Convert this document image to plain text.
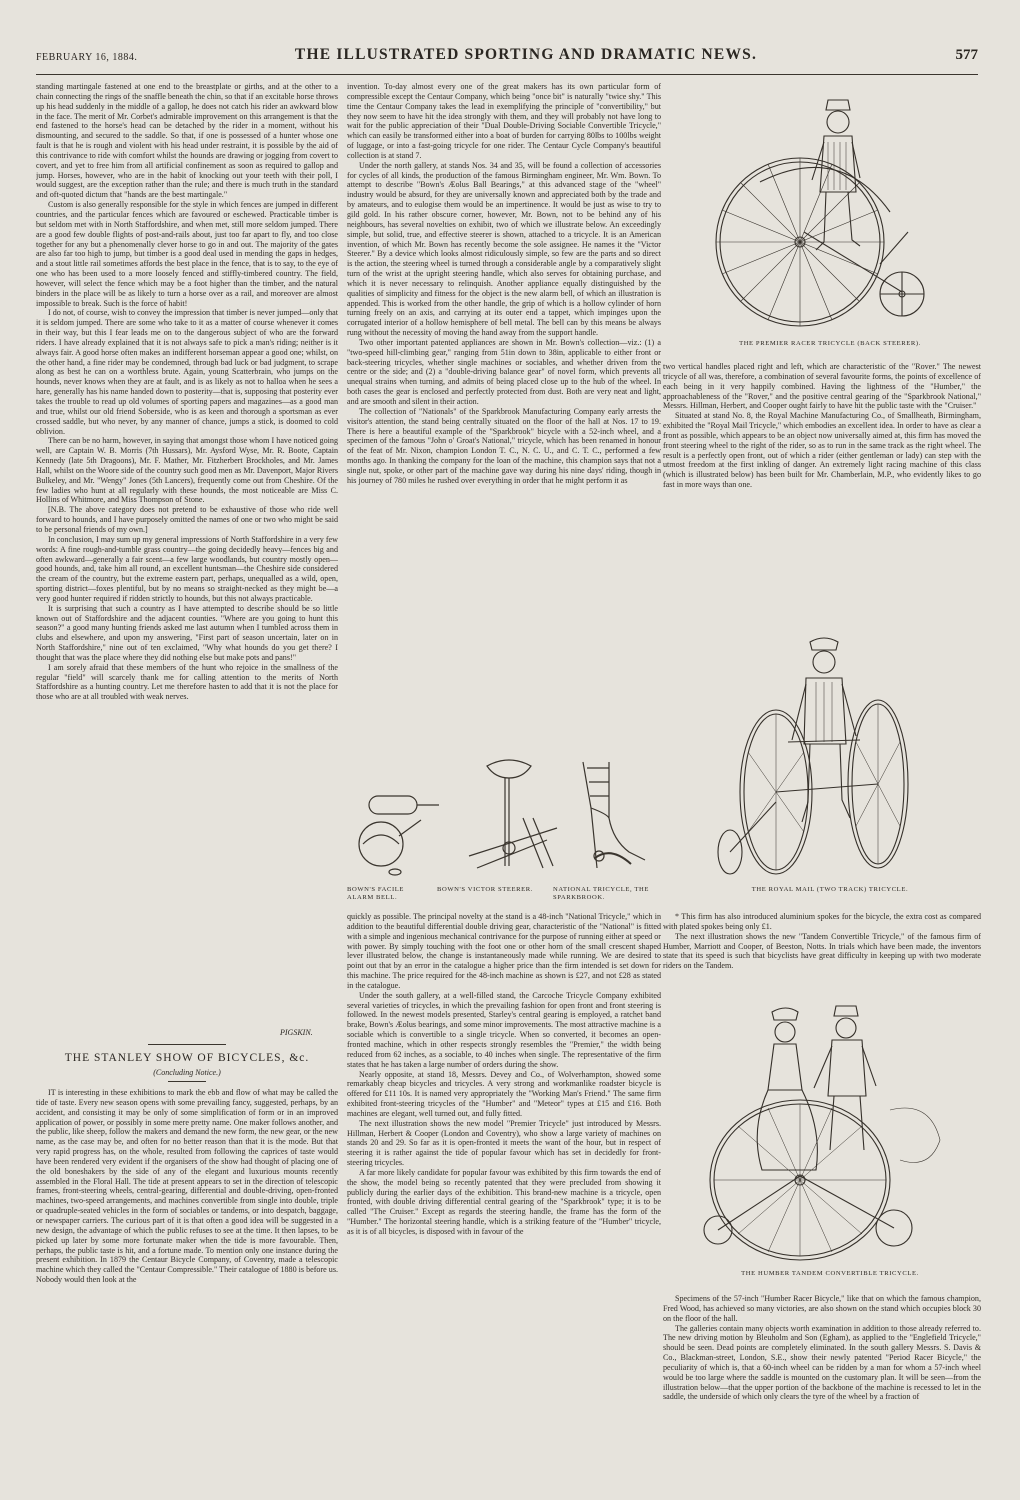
FEBRUARY 16, 1884.	THE ILLUSTRATED SPORTING AND DRAMATIC NEWS.	577

standing martingale fastened at one end to the breastplate or girths, and at the other to a chain connecting the rings of the snaffle beneath the chin, so that if an excitable horse throws up his head suddenly in the middle of a gallop, he does not catch his rider an awkward blow in the face. The merit of Mr. Corbet's admirable improvement on this arrangement is that the end fastened to the horse's head can be detached by the rider in a moment, without his dismounting, and secured to the saddle. So that, if one is possessed of a hunter whose one fault is that he is rough and violent with his head under restraint, it is possible by the aid of this contrivance to ride with comfort whilst the hounds are drawing or jogging from covert to covert, and yet to free him from all artificial confinement as soon as required to gallop and jump. Horses, however, who are in the habit of knocking out your teeth with their poll, I would suggest, are the exception rather than the rule; and there is much truth in the standard and oft-quoted dictum that "hands are the best martingale."

Custom is also generally responsible for the style in which fences are jumped in different countries, and the particular fences which are favoured or eschewed. Practicable timber is but seldom met with in North Staffordshire, and when met, still more seldom jumped. There are a good few double flights of post-and-rails about, just too far apart to fly, and too close together for any but a phenomenally clever horse to go in and out. The majority of the gates are also far too high to jump, but timber is a good deal used in mending the gaps in hedges, and a stout little rail sometimes affords the best place in the fence, that is to say, to the eye of one who has been used to a more loosely fenced and stiffly-timbered country. The field, however, will select the fence which may be a foot higher than the timber, and the natural binders in the place will be as likely to turn a horse over as a rail, and moreover are almost impossible to break. Such is the force of habit!

I do not, of course, wish to convey the impression that timber is never jumped—only that it is seldom jumped. There are some who take to it as a matter of course whenever it comes in their way, but this I fear leads me on to the dangerous subject of who are the forward riders. I have already explained that it is not always safe to pick a man's riding; neither is it always fair. A good horse often makes an indifferent horseman appear a good one; whilst, on the other hand, a fine rider may be condemned, through bad luck or bad judgment, to scrape along as best he can on a worthless brute. Again, young Scatterbrain, who jumps on the hounds, never knows when they are at fault, and is as likely as not to halloa when he sees a hare, generally has his name handed down to posterity—that is, supposing that posterity ever takes the trouble to read up old volumes of sporting papers and magazines—as a good man and true, whilst our old friend Soberside, who is as keen and thorough a sportsman as ever crossed saddle, but who never, by any manner of chance, jumps a stick, is doomed to cold oblivion.

There can be no harm, however, in saying that amongst those whom I have noticed going well, are Captain W. B. Morris (7th Hussars), Mr. Aysford Wyse, Mr. R. Boote, Captain Kennedy (late 5th Dragoons), Mr. F. Mather, Mr. Fitzherbert Brockholes, and Mr. James Hall, whilst on the Woore side of the country such good men as Mr. Davenport, Major Rivers Bulkeley, and Mr. "Wengy" Jones (5th Lancers), frequently come out from Cheshire. Of the few ladies who hunt at all regularly with these hounds, the most noticeable are Miss C. Hollins of Whitmore, and Miss Thompson of Stone.

[N.B. The above category does not pretend to be exhaustive of those who ride well forward to hounds, and I have purposely omitted the names of one or two who might be said to be personal friends of my own.]

In conclusion, I may sum up my general impressions of North Staffordshire in a very few words: A fine rough-and-tumble grass country—the going decidedly heavy—fences big and often awkward—generally a fair scent—a few large woodlands, but country mostly open—good hounds, and, take him all round, an excellent huntsman—the Cheshire side considered the cream of the country, but the extreme eastern part, perhaps, unequalled as a wild, open, sporting district—foxes plentiful, but by no means so straight-necked as they might be—a very good hunter required if ridden strictly to hounds, but this not always practicable.

It is surprising that such a country as I have attempted to describe should be so little known out of Staffordshire and the adjacent counties. "Where are you going to hunt this season?" a good many hunting friends asked me last autumn when I tumbled across them in clubs and elsewhere, and upon my answering, "First part of season uncertain, later on in North Staffordshire," nine out of ten exclaimed, "Why what hounds do you get there? I thought that was the place where they did nothing else but make pots and pans!"

I am sorely afraid that these members of the hunt who rejoice in the smallness of the regular "field" will scarcely thank me for calling attention to the merits of North Staffordshire as a hunting country. Let me therefore hasten to add that it is not the place for those who are at all troubled with weak nerves.

PIGSKIN.
THE STANLEY SHOW OF BICYCLES, &c.
(Concluding Notice.)

IT is interesting in these exhibitions to mark the ebb and flow of what may be called the tide of taste. Every new season opens with some prevailing fancy, suggested, perhaps, by an accident, and consisting it may be only of some simplification of form or in an improved application of power, or possibly in some mere pretty name. One maker follows another, and the public, like sheep, follow the makers and demand the new form, the new gear, or the new name, as the case may be, and often for no better reason than that it is the mode. But that very rapid progress has, on the whole, resulted from following the caprices of taste would have been rendered very evident if the organisers of the show had thought of placing one of the old boneshakers by the side of any of the elegant and luxurious mounts recently assembled in the Floral Hall. The tide at present appears to set in the direction of telescopic frames, front-steering wheels, central-gearing, differential and double-driving, open-fronted machines, two-speed arrangements, and machines convertible from single into double, triple or quadruple-seated vehicles in the form of sociables or tandems, or into despatch, baggage, or newspaper carriers. The curious part of it is that often a good idea will be suggested in a new design, the advantage of which the public refuses to see at the time. It then lapses, to be picked up later by some more fortunate maker when the tide is more favourable. Then, perhaps, the public taste is hit, and a fortune made. To mention only one instance during the present exhibition. In 1879 the Centaur Bicycle Company, of Coventry, made a telescopic machine which they called the "Centaur Compressible." Their catalogue of 1880 is before us. Nobody would then look at the

invention. To-day almost every one of the great makers has its own particular form of compressible except the Centaur Company, which being "once bit" is naturally "twice shy." This time the Centaur Company takes the lead in exemplifying the principle of "convertibility," but they now seem to have hit the idea strongly with them, and they will probably not have long to wait for the public appreciation of their "Dual Double-Driving Sociable Convertible Tricycle," which can easily be transformed either into a boat of burden for carrying 80lbs to 100lbs weight of luggage, or into a fast-going tricycle for one rider. The Centaur Cycle Company's beautiful collection is at stand 7.

Under the north gallery, at stands Nos. 34 and 35, will be found a collection of accessories for cycles of all kinds, the production of the famous Birmingham engineer, Mr. Wm. Bown. To attempt to describe "Bown's Æolus Ball Bearings," at this advanced stage of the "wheel" industry would be absurd, for they are universally known and appreciated both by the trade and by amateurs, and to eulogise them would be an impertinence. It would be just as wise to try to gild gold. In his rather obscure corner, however, Mr. Bown, not to be behind any of his neighbours, has several novelties on exhibit, two of which we illustrate below. An exceedingly simple, but solid, true, and effective steerer is shown, attached to a tricycle. It is an American invention, of which Mr. Bown has recently become the sole assignee. He names it the "Victor Steerer." By a device which looks almost ridiculously simple, so few are the parts and so direct is the action, the steering wheel is turned through a considerable angle by a comparatively slight turn of the wrist at the upright steering handle, which also serves for obtaining purchase, and which it is never necessary to relinquish. Another appliance equally distinguished by the qualities of simplicity and fitness for the object is the new alarm bell, of which an illustration is appended. This is worked from the other handle, the grip of which is a hollow cylinder of horn turning freely on an axis, and carrying at its outer end a tappet, which impinges upon the corrugated interior of a hollow hemisphere of bell metal. The bell can by this means be always rung without the necessity of moving the hand away from the support handle.

Two other important patented appliances are shown in Mr. Bown's collection—viz.: (1) a "two-speed hill-climbing gear," ranging from 51in down to 38in, applicable to either front or back-steering tricycles, whether single machines or sociables, and whether driven from the centre or the side; and (2) a "double-driving balance gear" of novel form, which prevents all unequal strains when turning, and admits of being placed close up to the hub of the wheel. In both cases the gear is enclosed and perfectly protected from dust. Both are very neat and light, and are smooth and silent in their action.

The collection of "Nationals" of the Sparkbrook Manufacturing Company early arrests the visitor's attention, the stand being centrally situated on the floor of the hall at Nos. 17 to 19. There is here a beautiful example of the "Sparkbrook" bicycle with a 52-inch wheel, and a specimen of the famous "John o' Groat's National," tricycle, which has been renamed in honour of the feat of Mr. Nixon, champion London T. C., N. C. U., and C. T. C., performed a few months ago. In thanking the company for the loan of the machine, this champion says that not a single nut, spoke, or other part of the machine gave way during his nine days' riding, though in his journey of 780 miles he rushed over everything in order that he might perform it as

BOWN'S FACILE ALARM BELL.
BOWN'S VICTOR STEERER.	NATIONAL TRICYCLE, THE SPARKBROOK.

quickly as possible. The principal novelty at the stand is a 48-inch "National Tricycle," which in addition to the beautiful differential double driving gear, characteristic of the "National" is fitted with a simple and ingenious mechanical contrivance for the purpose of running either at speed or with power. By simply touching with the foot one or other horn of the small crescent shaped lever illustrated below, the change is instantaneously made while running. We are desired to point out that by an error in the catalogue a higher price than the firm intended is set down for this machine. The price required for the 48-inch machine as shown is £27, and not £28 as stated in the catalogue.

Under the south gallery, at a well-filled stand, the Carcoche Tricycle Company exhibited several varieties of tricycles, in which the prevailing fashion for open front and front steering is followed. In the newest models presented, Starley's central gearing is employed, a ratchet band brake, Bown's Æolus bearings, and some minor improvements. The most attractive machine is a sociable which is convertible to a single tricycle. When so converted, it becomes an open-fronted machine, which in other respects strongly resembles the "Premier," the width being reduced from 62 inches, as a sociable, to 40 inches when single. The representative of the firm states that he has taken a large number of orders during the show.

Nearly opposite, at stand 18, Messrs. Devey and Co., of Wolverhampton, showed some remarkably cheap bicycles and tricycles. A very strong and workmanlike roadster bicycle is offered for £11 10s. It is named very appropriately the "Working Man's Friend." The same firm exhibited front-steering tricycles of the "Humber" and "Meteor" types at £15 and £16. Both machines are elegant, well turned out, and fully fitted.

The next illustration shows the new model "Premier Tricycle" just introduced by Messrs. Hillman, Herbert & Cooper (London and Coventry), who show a large variety of machines on stands 20 and 29. So far as it is open-fronted it meets the want of the hour, but in respect of steering it is rather against the tide of popular favour which has set in decidedly for front-steering tricycles.

A far more likely candidate for popular favour was exhibited by this firm towards the end of the show, the model being so recently patented that they were precluded from showing it publicly during the earlier days of the exhibition. This brand-new machine is a tricycle, open fronted, with double driving differential central gearing of the "Sparkbrook" type; it is to be called "The Cruiser." Except as regards the steering handle, the frame has the form of the "Humber." The horizontal steering handle, which is a striking feature of the "Humber" tricycle, as it is of all bicycles, is disposed with in favour of the

THE PREMIER RACER TRICYCLE (BACK STEERER).

two vertical handles placed right and left, which are characteristic of the "Rover." The newest tricycle of all was, therefore, a combination of several favourite forms, the points of excellence of each being in it very happily combined. Having the lightness of the "Humber," the approachableness of the "Rover," and the positive central gearing of the "Sparkbrook National," Messrs. Hillman, Herbert, and Cooper ought fairly to have hit the public taste with the "Cruiser."

Situated at stand No. 8, the Royal Machine Manufacturing Co., of Smallheath, Birmingham, exhibited the "Royal Mail Tricycle," which embodies an excellent idea. In order to have as clear a front as possible, which appears to be an object now universally aimed at, this firm has moved the front steering wheel to the right of the rider, so as to run in the same track as the right wheel. The result is a perfectly open front, out of which a rider (either gentleman or lady) can step with the utmost freedom at the first inkling of danger. An extremely light racing machine of this class (which is illustrated below) has been built for Mr. Chamberlain, M.P., who evidently likes to go fast in more ways than one.

THE ROYAL MAIL (TWO TRACK) TRICYCLE.

* This firm has also introduced aluminium spokes for the bicycle, the extra cost as compared with plated spokes being only £1.

The next illustration shows the new "Tandem Convertible Tricycle," of the famous firm of Humber, Marriott and Cooper, of Beeston, Notts. In trials which have been made, the inventors state that its speed is such that bicyclists have great difficulty in keeping up with two moderate riders on the Tandem.

THE HUMBER TANDEM CONVERTIBLE TRICYCLE.

Specimens of the 57-inch "Humber Racer Bicycle," like that on which the famous champion, Fred Wood, has achieved so many victories, are also shown on the stand which occupies block 30 on the floor of the hall.

The galleries contain many objects worth examination in addition to those already referred to. The new driving motion by Bleuholm and Son (Egham), as applied to the "Englefield Tricycle," should be seen. Dead points are completely eliminated. In the south gallery Messrs. S. Davis & Co., Blackman-street, London, S.E., show their newly patented "Period Racer Bicycle," the peculiarity of which is, that a 60-inch wheel can be ridden by a man for whom a 57-inch wheel would be too large where the saddle is mounted on the customary plan. It will be seen—from the illustration below—that the upper portion of the backbone of the machine is recessed to let in the saddle, the underside of which only clears the tyre of the wheel by a fraction of
